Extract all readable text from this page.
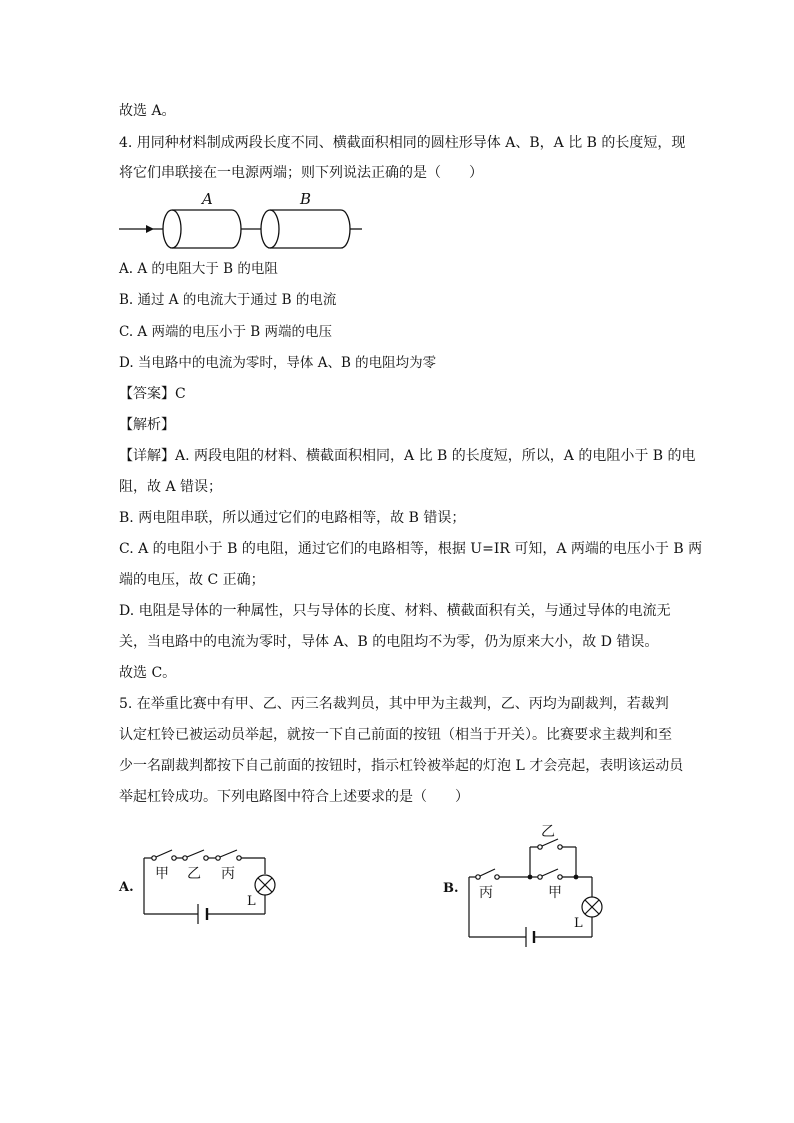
故选 A。
4. 用同种材料制成两段长度不同、横截面积相同的圆柱形导体 A、B，A 比 B 的长度短，现
将它们串联接在一电源两端；则下列说法正确的是（　　）
A	B
A. A 的电阻大于 B 的电阻
B. 通过 A 的电流大于通过 B 的电流
C. A 两端的电压小于 B 两端的电压
D. 当电路中的电流为零时，导体 A、B 的电阻均为零
【答案】C
【解析】
【详解】A. 两段电阻的材料、横截面积相同，A 比 B 的长度短，所以，A 的电阻小于 B 的电
阻，故 A 错误；
B. 两电阻串联，所以通过它们的电路相等，故 B 错误；
C. A 的电阻小于 B 的电阻，通过它们的电路相等，根据 U=IR 可知，A 两端的电压小于 B 两
端的电压，故 C 正确；
D. 电阻是导体的一种属性，只与导体的长度、材料、横截面积有关，与通过导体的电流无
关，当电路中的电流为零时，导体 A、B 的电阻均不为零，仍为原来大小，故 D 错误。
故选 C。
5. 在举重比赛中有甲、乙、丙三名裁判员，其中甲为主裁判，乙、丙均为副裁判，若裁判
认定杠铃已被运动员举起，就按一下自己前面的按钮（相当于开关）。比赛要求主裁判和至
少一名副裁判都按下自己前面的按钮时，指示杠铃被举起的灯泡 L 才会亮起，表明该运动员
举起杠铃成功。下列电路图中符合上述要求的是（　　）
A.
甲 乙 丙
L
B.
乙
丙	甲
L
